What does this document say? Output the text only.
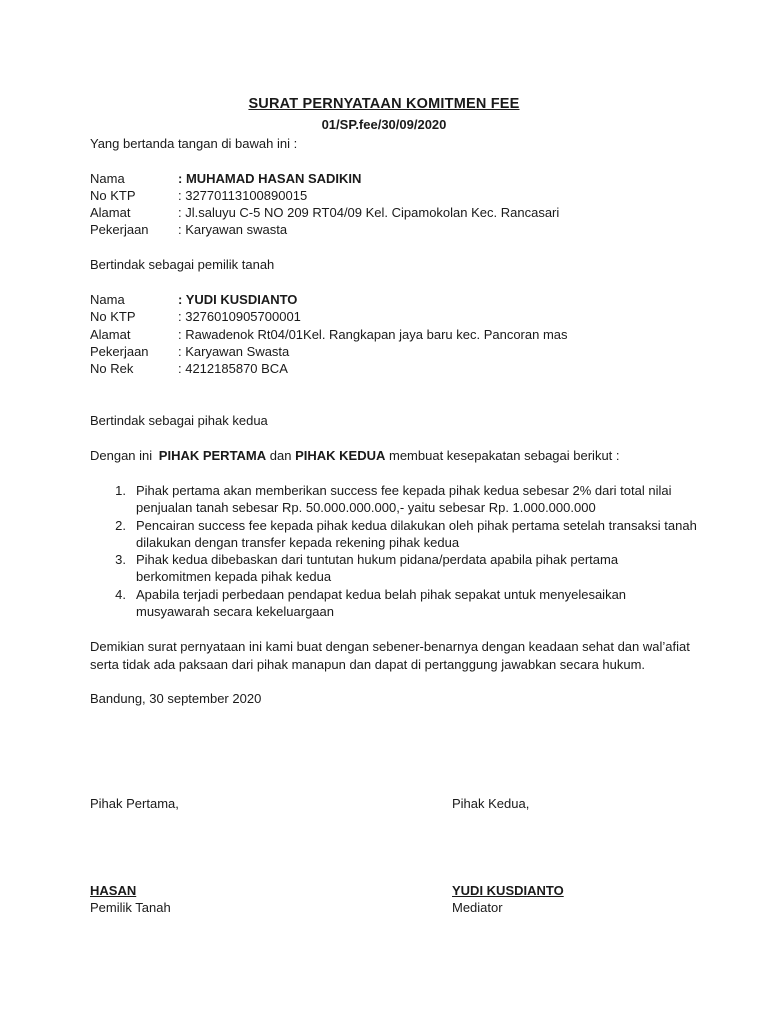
SURAT PERNYATAAN KOMITMEN FEE
01/SP.fee/30/09/2020
Yang bertanda tangan di bawah ini :
Nama	: MUHAMAD HASAN SADIKIN
No KTP	: 32770113100890015
Alamat	: Jl.saluyu C-5 NO 209 RT04/09 Kel. Cipamokolan Kec. Rancasari
Pekerjaan : Karyawan swasta
Bertindak sebagai pemilik tanah
Nama	: YUDI KUSDIANTO
No KTP	: 3276010905700001
Alamat	: Rawadenok Rt04/01Kel. Rangkapan jaya baru kec. Pancoran mas
Pekerjaan : Karyawan Swasta
No Rek	: 4212185870 BCA
Bertindak sebagai pihak kedua
Dengan ini PIHAK PERTAMA dan PIHAK KEDUA membuat kesepakatan sebagai berikut :
1. Pihak pertama akan memberikan success fee kepada pihak kedua sebesar 2% dari total nilai
penjualan tanah sebesar Rp. 50.000.000.000,- yaitu sebesar Rp. 1.000.000.000
2. Pencairan success fee kepada pihak kedua dilakukan oleh pihak pertama setelah transaksi tanah
dilakukan dengan transfer kepada rekening pihak kedua
3. Pihak kedua dibebaskan dari tuntutan hukum pidana/perdata apabila pihak pertama
berkomitmen kepada pihak kedua
4. Apabila terjadi perbedaan pendapat kedua belah pihak sepakat untuk menyelesaikan
musyawarah secara kekeluargaan
Demikian surat pernyataan ini kami buat dengan sebener-benarnya dengan keadaan sehat dan wal’afiat
serta tidak ada paksaan dari pihak manapun dan dapat di pertanggung jawabkan secara hukum.
Bandung, 30 september 2020
Pihak Pertama,
HASAN
Pemilik Tanah
Pihak Kedua,
YUDI KUSDIANTO
Mediator
